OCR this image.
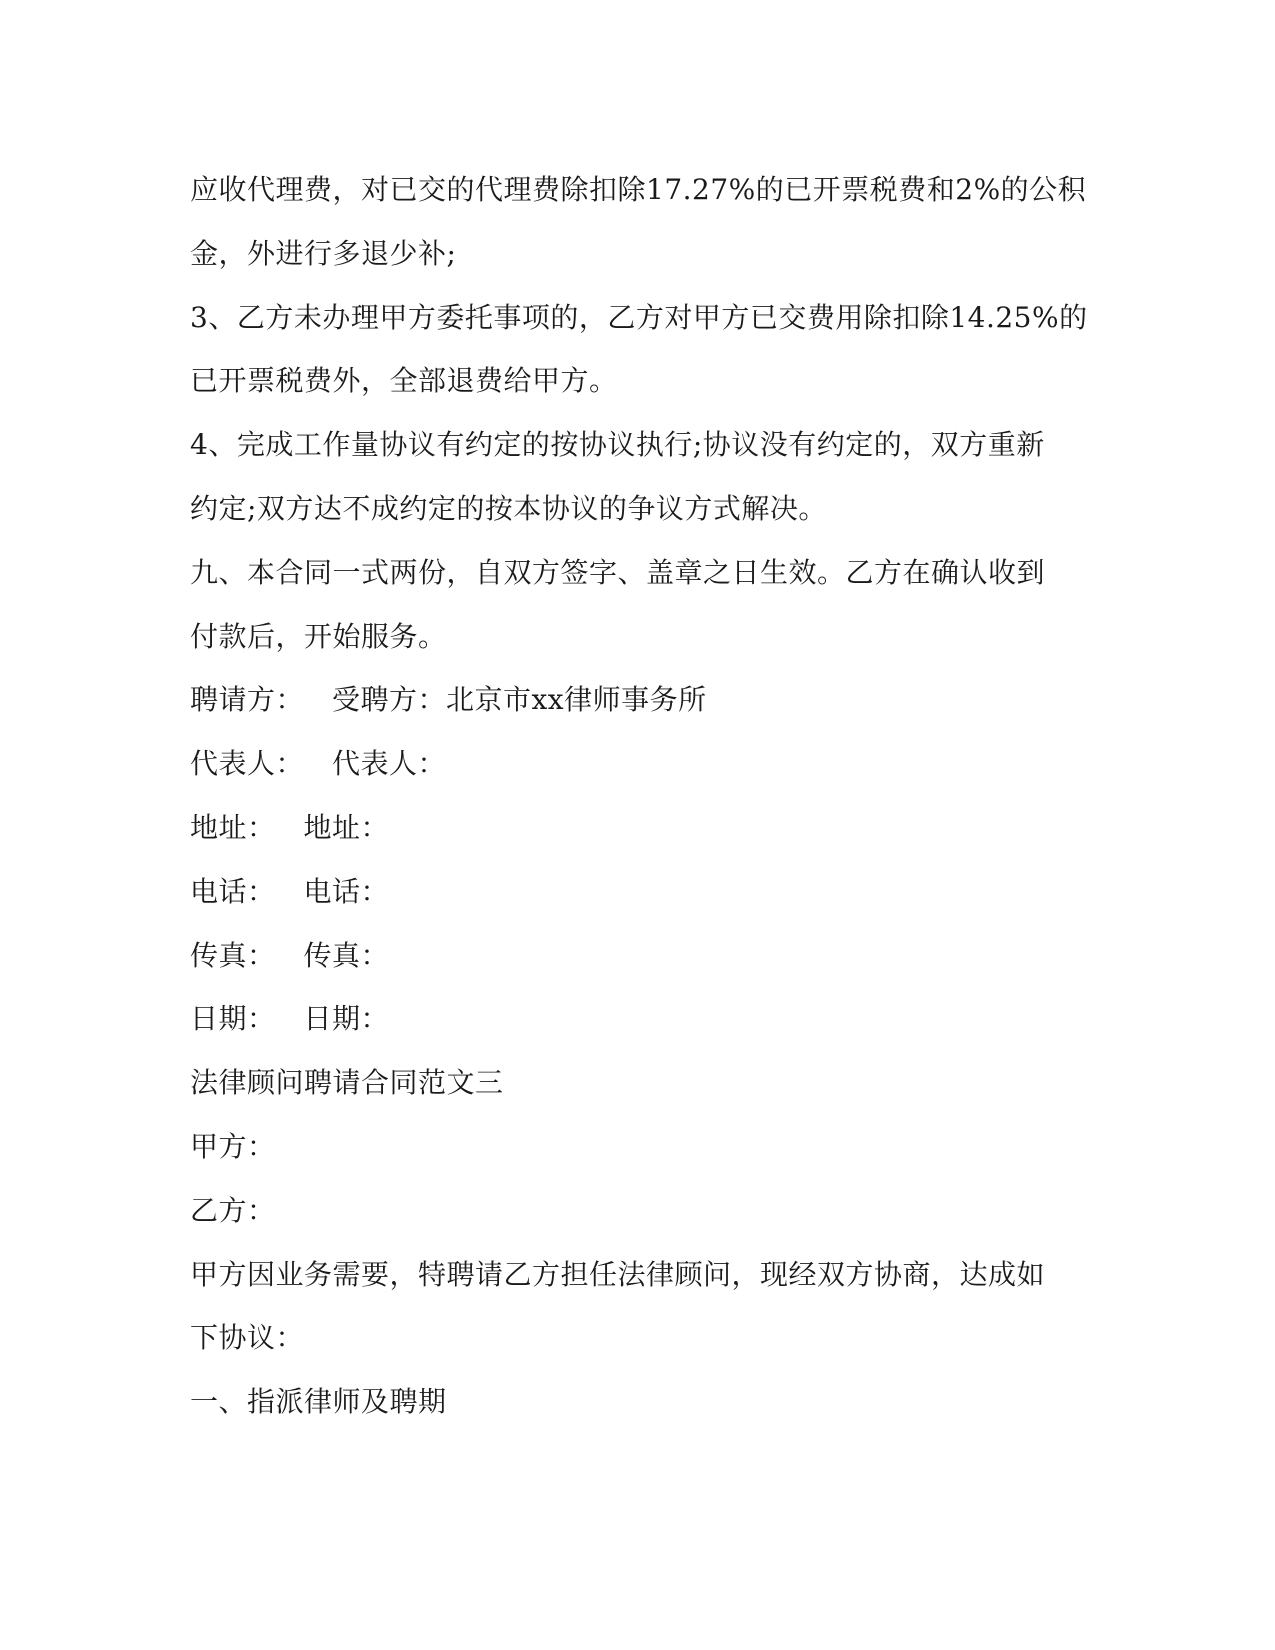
应收代理费，对已交的代理费除扣除17.27%的已开票税费和2%的公积
金，外进行多退少补;
3、乙方未办理甲方委托事项的，乙方对甲方已交费用除扣除14.25%的
已开票税费外，全部退费给甲方。
4、完成工作量协议有约定的按协议执行;协议没有约定的，双方重新
约定;双方达不成约定的按本协议的争议方式解决。
九、本合同一式两份，自双方签字、盖章之日生效。乙方在确认收到
付款后，开始服务。
聘请方： 受聘方：北京市xx律师事务所
代表人： 代表人：
地址： 地址：
电话： 电话：
传真： 传真：
日期： 日期：
法律顾问聘请合同范文三
甲方：
乙方：
甲方因业务需要，特聘请乙方担任法律顾问，现经双方协商，达成如
下协议：
一、指派律师及聘期
